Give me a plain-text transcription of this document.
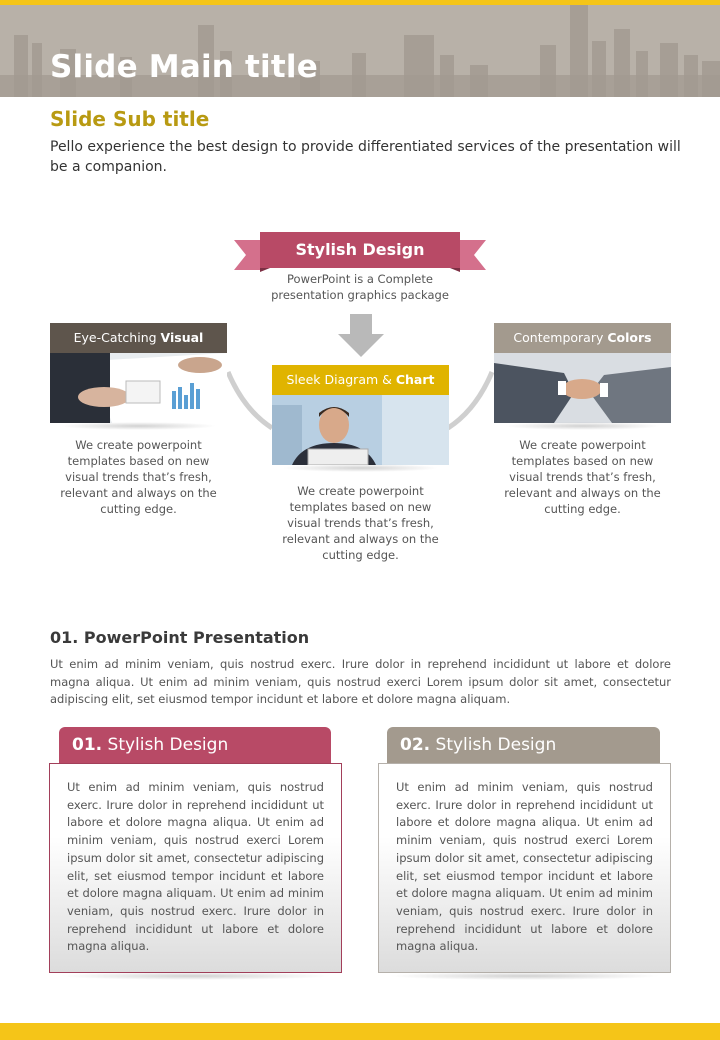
Slide Main title
Slide Sub title
Pello experience the best design to provide differentiated services of the presentation will be a companion.
Stylish Design
PowerPoint is a Complete presentation graphics package
Eye-Catching Visual
We create powerpoint templates based on new visual trends that’s fresh, relevant and always on the cutting edge.
Sleek Diagram & Chart
We create powerpoint templates based on new visual trends that’s fresh, relevant and always on the cutting edge.
Contemporary Colors
We create powerpoint templates based on new visual trends that’s fresh, relevant and always on the cutting edge.
01. PowerPoint Presentation
Ut enim ad minim veniam, quis nostrud exerc. Irure dolor in reprehend incididunt ut labore et dolore magna aliqua. Ut enim ad minim veniam, quis nostrud exerci Lorem ipsum dolor sit amet, consectetur adipiscing elit, set eiusmod tempor incidunt et labore et dolore magna aliquam.
01. Stylish Design
Ut enim ad minim veniam, quis nostrud exerc. Irure dolor in reprehend incididunt ut labore et dolore magna aliqua. Ut enim ad minim veniam, quis nostrud exerci Lorem ipsum dolor sit amet, consectetur adipiscing elit, set eiusmod tempor incidunt et labore et dolore magna aliquam. Ut enim ad minim veniam, quis nostrud exerc. Irure dolor in reprehend incididunt ut labore et dolore magna aliqua.
02. Stylish Design
Ut enim ad minim veniam, quis nostrud exerc. Irure dolor in reprehend incididunt ut labore et dolore magna aliqua. Ut enim ad minim veniam, quis nostrud exerci Lorem ipsum dolor sit amet, consectetur adipiscing elit, set eiusmod tempor incidunt et labore et dolore magna aliquam. Ut enim ad minim veniam, quis nostrud exerc. Irure dolor in reprehend incididunt ut labore et dolore magna aliqua.
